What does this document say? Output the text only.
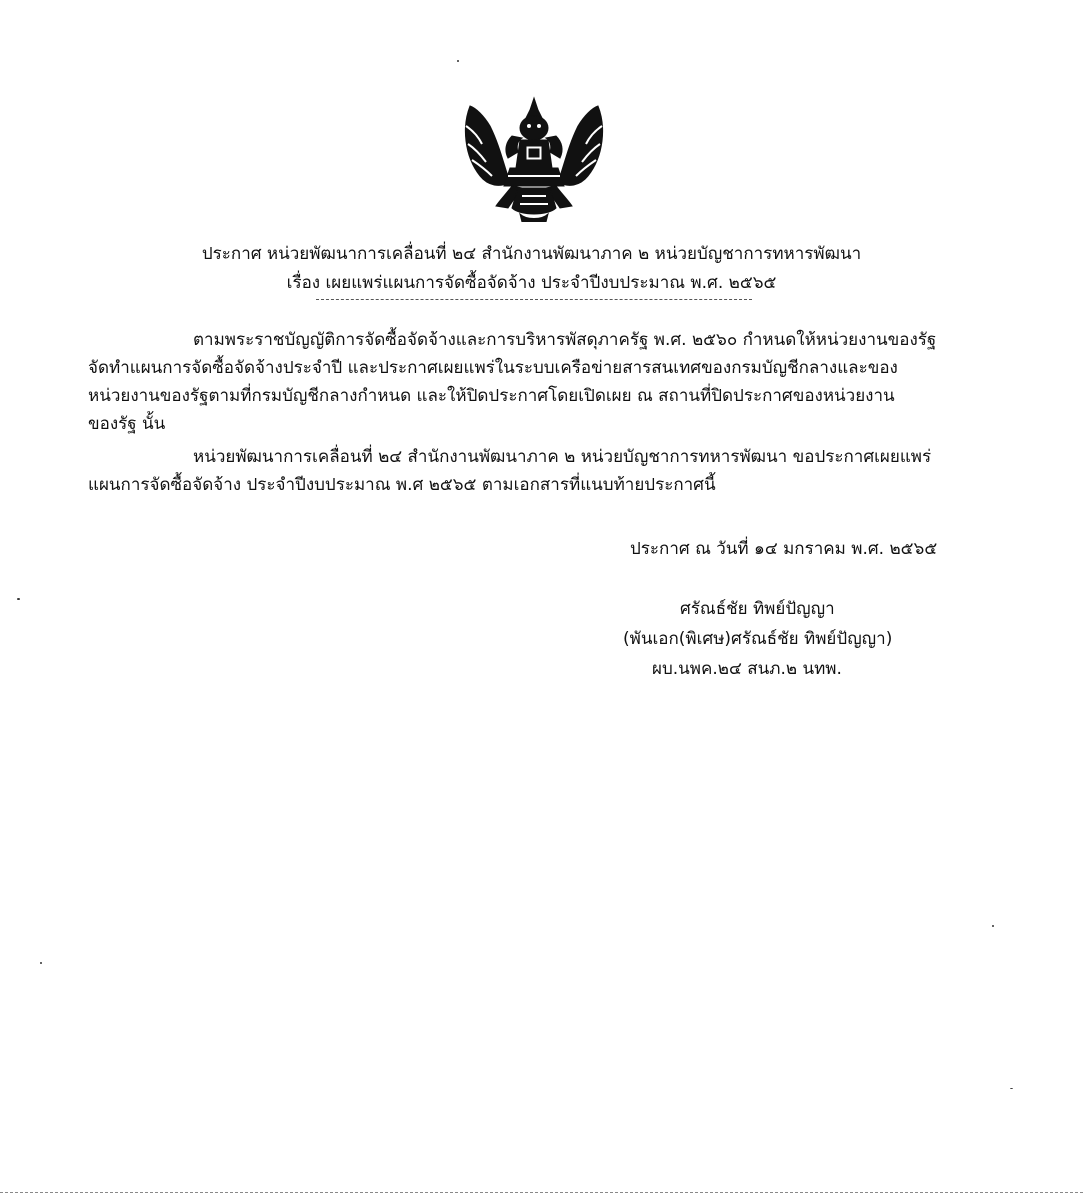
ประกาศ หน่วยพัฒนาการเคลื่อนที่ ๒๔ สำนักงานพัฒนาภาค ๒ หน่วยบัญชาการทหารพัฒนา
เรื่อง เผยแพร่แผนการจัดซื้อจัดจ้าง ประจำปีงบประมาณ พ.ศ. ๒๕๖๕
ตามพระราชบัญญัติการจัดซื้อจัดจ้างและการบริหารพัสดุภาครัฐ พ.ศ. ๒๕๖๐ กำหนดให้หน่วยงานของรัฐ
จัดทำแผนการจัดซื้อจัดจ้างประจำปี และประกาศเผยแพร่ในระบบเครือข่ายสารสนเทศของกรมบัญชีกลางและของ
หน่วยงานของรัฐตามที่กรมบัญชีกลางกำหนด และให้ปิดประกาศโดยเปิดเผย ณ สถานที่ปิดประกาศของหน่วยงาน
ของรัฐ นั้น
หน่วยพัฒนาการเคลื่อนที่ ๒๔ สำนักงานพัฒนาภาค ๒ หน่วยบัญชาการทหารพัฒนา ขอประกาศเผยแพร่
แผนการจัดซื้อจัดจ้าง ประจำปีงบประมาณ พ.ศ ๒๕๖๕ ตามเอกสารที่แนบท้ายประกาศนี้
ประกาศ ณ วันที่ ๑๔ มกราคม พ.ศ. ๒๕๖๕
ศรัณธ์ชัย ทิพย์ปัญญา
(พันเอก(พิเศษ)ศรัณธ์ชัย ทิพย์ปัญญา)
ผบ.นพค.๒๔ สนภ.๒ นทพ.
